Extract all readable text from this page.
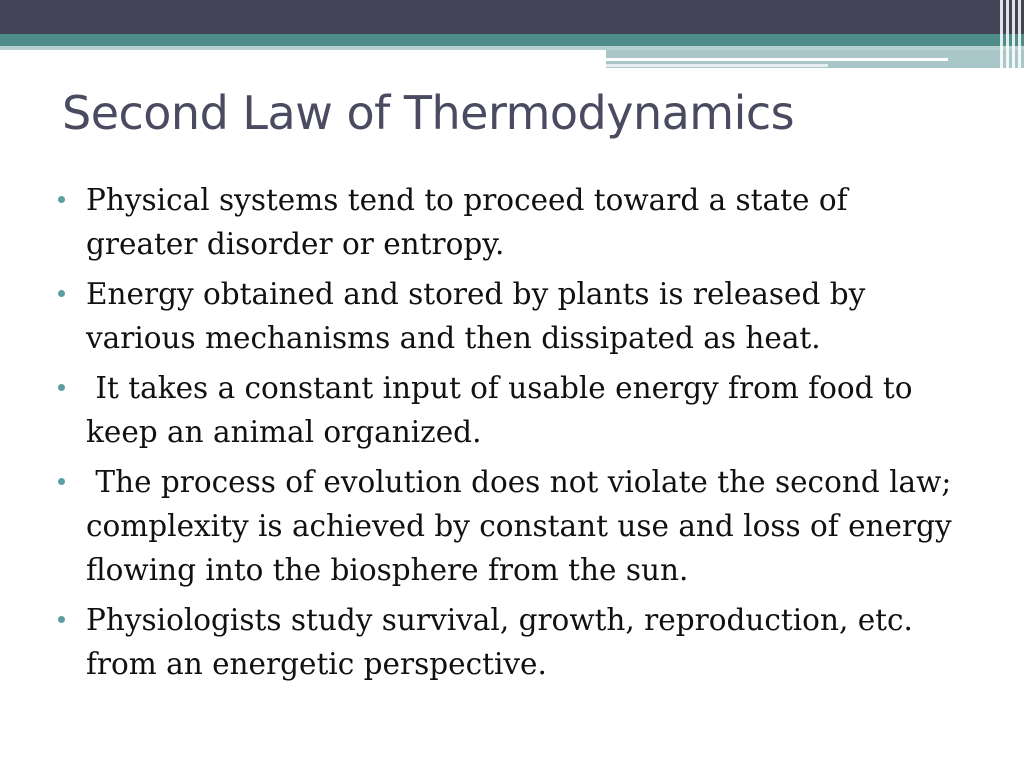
Second Law of Thermodynamics
Physical systems tend to proceed toward a state of greater disorder or entropy.
Energy obtained and stored by plants is released by various mechanisms and then dissipated as heat.
It takes a constant input of usable energy from food to keep an animal organized.
The process of evolution does not violate the second law; complexity is achieved by constant use and loss of energy flowing into the biosphere from the sun.
Physiologists study survival, growth, reproduction, etc. from an energetic perspective.
